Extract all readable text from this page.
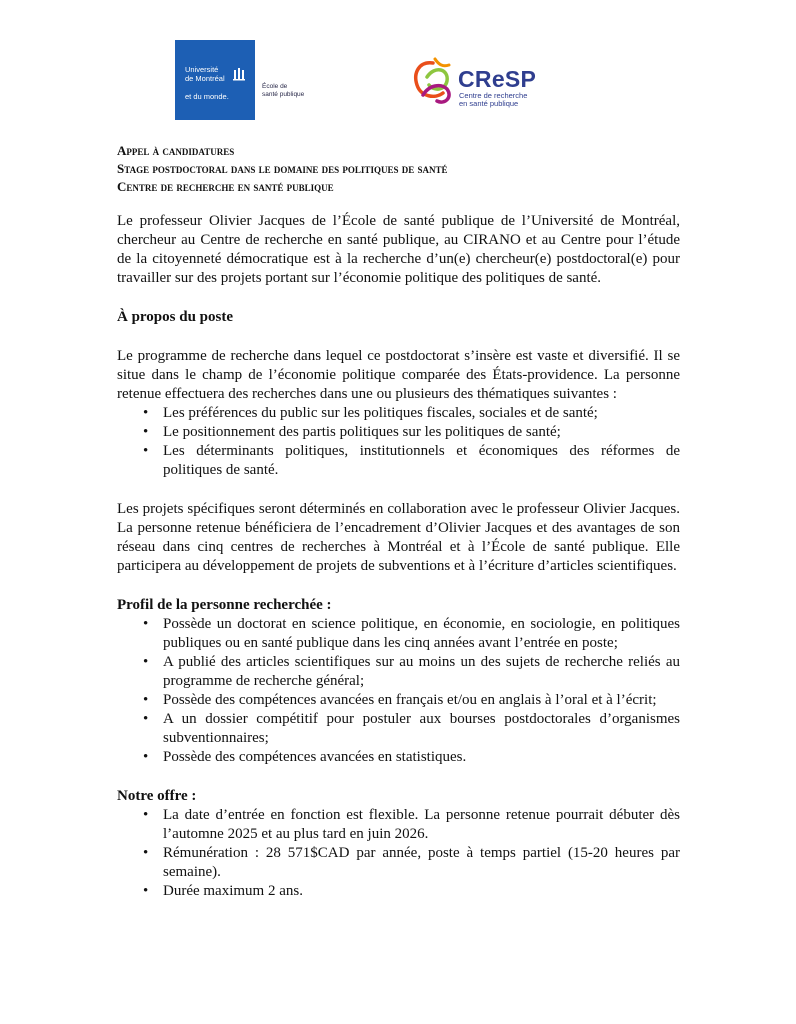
Université
de Montréal
et du monde.
École de
santé publique
CReSP
Centre de recherche
en santé publique
Appel à candidatures
Stage postdoctoral dans le domaine des politiques de santé
Centre de recherche en santé publique

Le professeur Olivier Jacques de l’École de santé publique de l’Université de Montréal, chercheur au Centre de recherche en santé publique, au CIRANO et au Centre pour l’étude de la citoyenneté démocratique est à la recherche d’un(e) chercheur(e) postdoctoral(e) pour travailler sur des projets portant sur l’économie politique des politiques de santé.

À propos du poste

Le programme de recherche dans lequel ce postdoctorat s’insère est vaste et diversifié. Il se situe dans le champ de l’économie politique comparée des États-providence. La personne retenue effectuera des recherches dans une ou plusieurs des thématiques suivantes :

• Les préférences du public sur les politiques fiscales, sociales et de santé;
• Le positionnement des partis politiques sur les politiques de santé;
• Les déterminants politiques, institutionnels et économiques des réformes de politiques de santé.

Les projets spécifiques seront déterminés en collaboration avec le professeur Olivier Jacques. La personne retenue bénéficiera de l’encadrement d’Olivier Jacques et des avantages de son réseau dans cinq centres de recherches à Montréal et à l’École de santé publique. Elle participera au développement de projets de subventions et à l’écriture d’articles scientifiques.

Profil de la personne recherchée :

• Possède un doctorat en science politique, en économie, en sociologie, en politiques publiques ou en santé publique dans les cinq années avant l’entrée en poste;
• A publié des articles scientifiques sur au moins un des sujets de recherche reliés au programme de recherche général;
• Possède des compétences avancées en français et/ou en anglais à l’oral et à l’écrit;
• A un dossier compétitif pour postuler aux bourses postdoctorales d’organismes subventionnaires;
• Possède des compétences avancées en statistiques.

Notre offre :

• La date d’entrée en fonction est flexible. La personne retenue pourrait débuter dès l’automne 2025 et au plus tard en juin 2026.
• Rémunération : 28 571$CAD par année, poste à temps partiel (15-20 heures par semaine).
• Durée maximum 2 ans.
